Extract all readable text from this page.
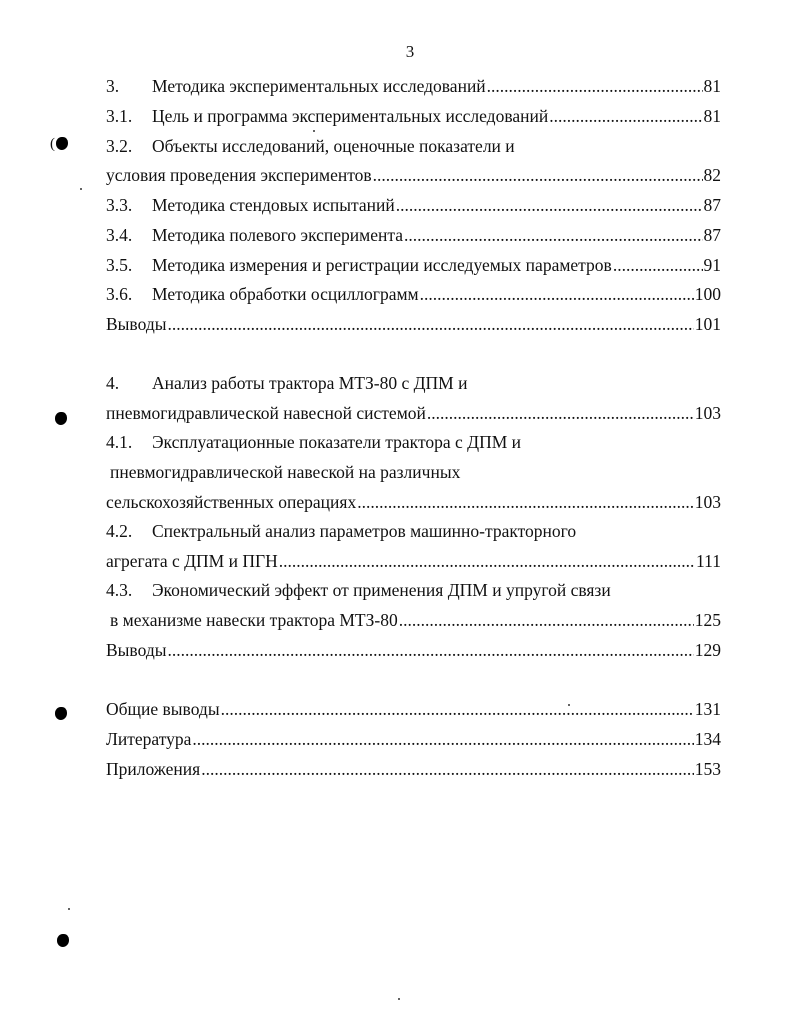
3
3.	Методика экспериментальных исследований .....	81
3.1.	Цель и программа экспериментальных исследований .....	81
3.2.	Объекты исследований, оценочные показатели и
условия проведения экспериментов .....	82
3.3.	Методика стендовых испытаний .....	87
3.4.	Методика полевого эксперимента .....	87
3.5.	Методика измерения и регистрации исследуемых параметров .....	91
3.6.	Методика обработки осциллограмм .....	100
Выводы .....	101
4.	Анализ работы трактора МТЗ-80 с ДПМ и
пневмогидравлической навесной системой .....	103
4.1.	Эксплуатационные показатели трактора с ДПМ и
пневмогидравлической навеской на различных
сельскохозяйственных операциях .....	103
4.2.	Спектральный анализ параметров машинно-тракторного
агрегата с ДПМ и ПГН .....	111
4.3.	Экономический эффект от применения ДПМ и упругой связи
в механизме навески трактора МТЗ-80 .....	125
Выводы .....	129
Общие выводы .....	131
Литература .....	134
Приложения .....	153
(
